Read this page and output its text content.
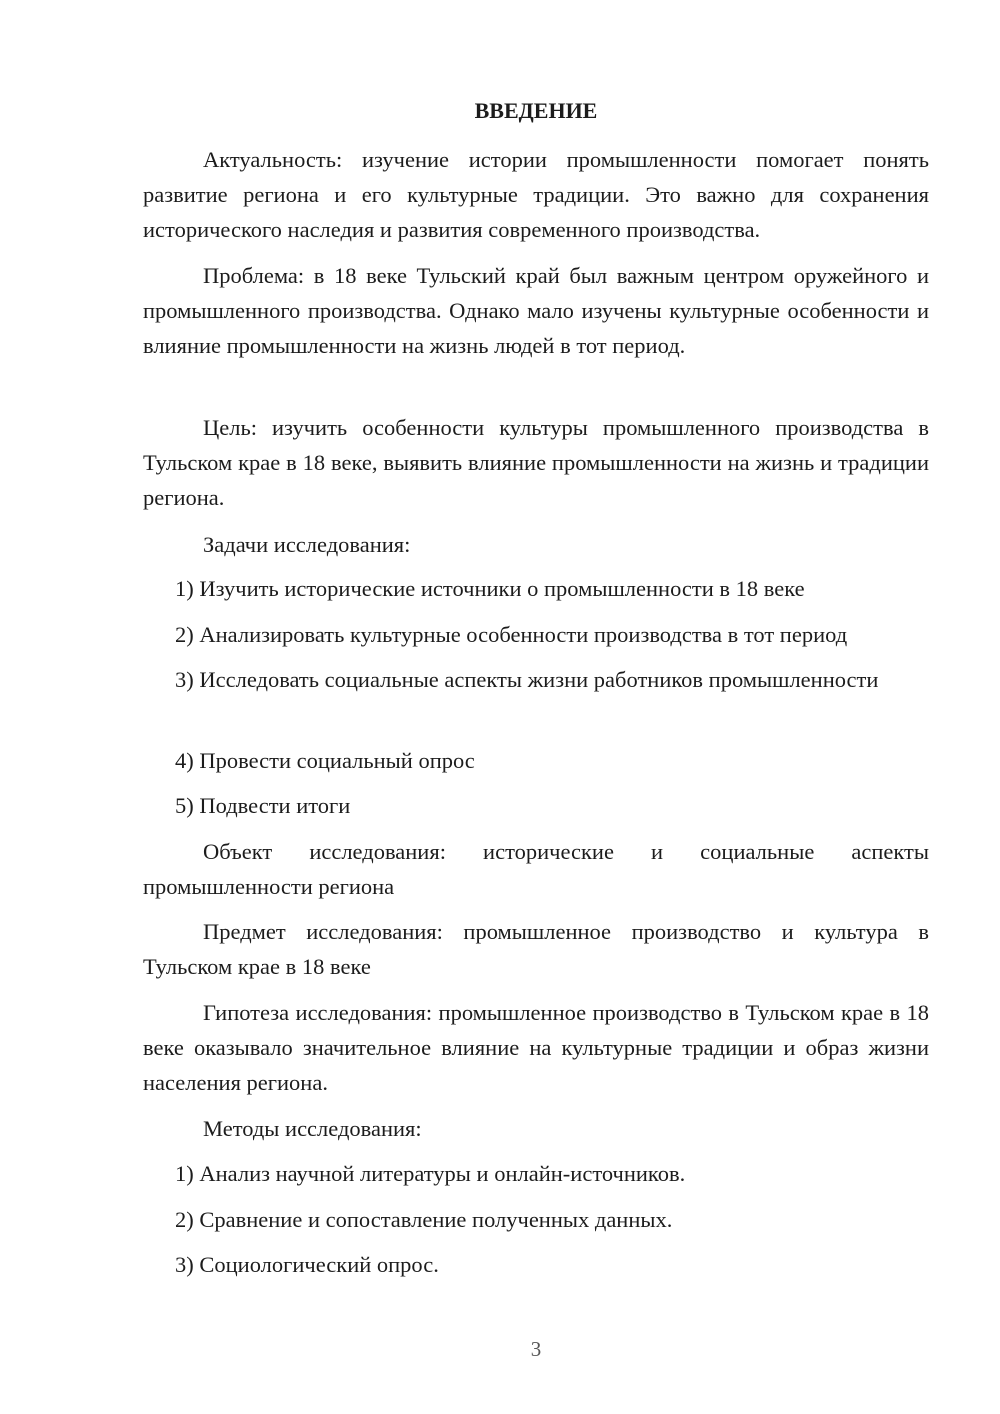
ВВЕДЕНИЕ

Актуальность: изучение истории промышленности помогает понять развитие региона и его культурные традиции. Это важно для сохранения исторического наследия и развития современного производства.

Проблема: в 18 веке Тульский край был важным центром оружейного и промышленного производства. Однако мало изучены культурные особенности и влияние промышленности на жизнь людей в тот период.

Цель: изучить особенности культуры промышленного производства в Тульском крае в 18 веке, выявить влияние промышленности на жизнь и традиции региона.

Задачи исследования:

1) Изучить исторические источники о промышленности в 18 веке

2) Анализировать культурные особенности производства в тот период

3) Исследовать социальные аспекты жизни работников промышленности

4) Провести социальный опрос

5) Подвести итоги

Объект исследования: исторические и социальные аспекты промышленности региона

Предмет исследования: промышленное производство и культура в Тульском крае в 18 веке

Гипотеза исследования: промышленное производство в Тульском крае в 18 веке оказывало значительное влияние на культурные традиции и образ жизни населения региона.

Методы исследования:

1) Анализ научной литературы и онлайн-источников.

2) Сравнение и сопоставление полученных данных.

3) Социологический опрос.

3
